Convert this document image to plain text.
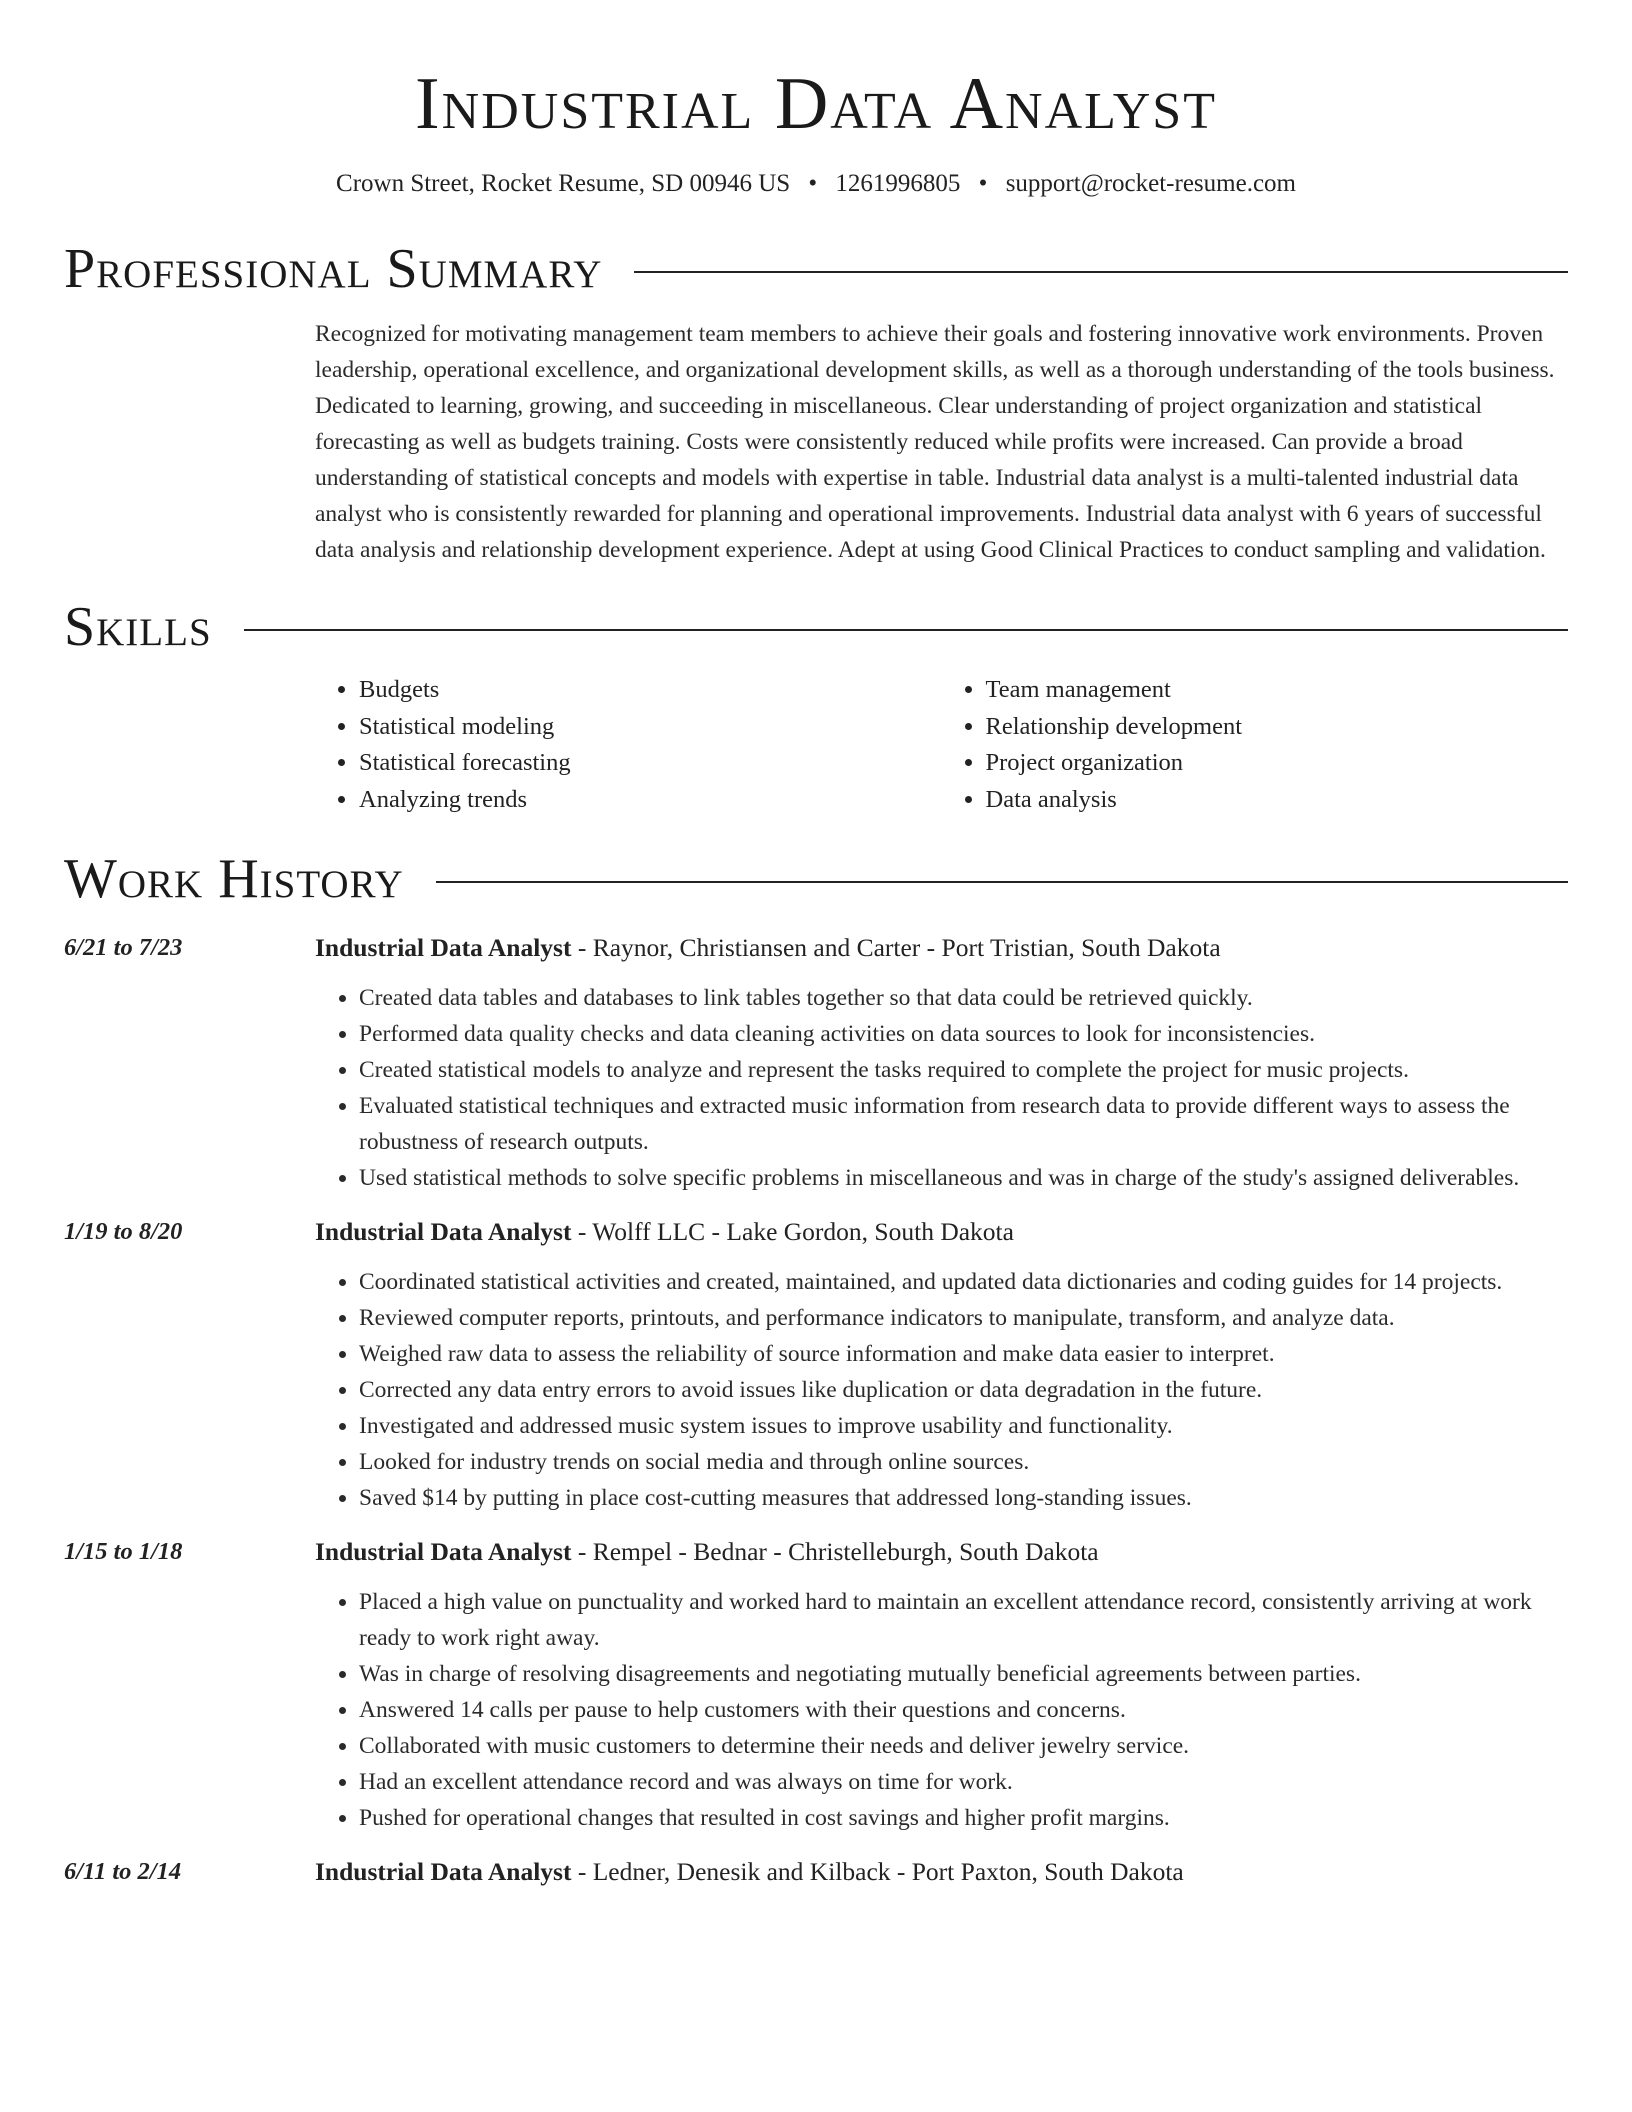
Industrial Data Analyst
Crown Street, Rocket Resume, SD 00946 US • 1261996805 • support@rocket-resume.com
Professional Summary

Recognized for motivating management team members to achieve their goals and fostering innovative work environments. Proven leadership, operational excellence, and organizational development skills, as well as a thorough understanding of the tools business. Dedicated to learning, growing, and succeeding in miscellaneous. Clear understanding of project organization and statistical forecasting as well as budgets training. Costs were consistently reduced while profits were increased. Can provide a broad understanding of statistical concepts and models with expertise in table. Industrial data analyst is a multi-talented industrial data analyst who is consistently rewarded for planning and operational improvements. Industrial data analyst with 6 years of successful data analysis and relationship development experience. Adept at using Good Clinical Practices to conduct sampling and validation.

Skills
• Budgets
• Statistical modeling
• Statistical forecasting
• Analyzing trends
• Team management
• Relationship development
• Project organization
• Data analysis
Work History
6/21 to 7/23	Industrial Data Analyst - Raynor, Christiansen and Carter - Port Tristian, South Dakota
• Created data tables and databases to link tables together so that data could be retrieved quickly.
• Performed data quality checks and data cleaning activities on data sources to look for inconsistencies.
• Created statistical models to analyze and represent the tasks required to complete the project for music projects.
• Evaluated statistical techniques and extracted music information from research data to provide different ways to assess the robustness of research outputs.
• Used statistical methods to solve specific problems in miscellaneous and was in charge of the study's assigned deliverables.
1/19 to 8/20	Industrial Data Analyst - Wolff LLC - Lake Gordon, South Dakota
• Coordinated statistical activities and created, maintained, and updated data dictionaries and coding guides for 14 projects.
• Reviewed computer reports, printouts, and performance indicators to manipulate, transform, and analyze data.
• Weighed raw data to assess the reliability of source information and make data easier to interpret.
• Corrected any data entry errors to avoid issues like duplication or data degradation in the future.
• Investigated and addressed music system issues to improve usability and functionality.
• Looked for industry trends on social media and through online sources.
• Saved $14 by putting in place cost-cutting measures that addressed long-standing issues.
1/15 to 1/18	Industrial Data Analyst - Rempel - Bednar - Christelleburgh, South Dakota
• Placed a high value on punctuality and worked hard to maintain an excellent attendance record, consistently arriving at work ready to work right away.
• Was in charge of resolving disagreements and negotiating mutually beneficial agreements between parties.
• Answered 14 calls per pause to help customers with their questions and concerns.
• Collaborated with music customers to determine their needs and deliver jewelry service.
• Had an excellent attendance record and was always on time for work.
• Pushed for operational changes that resulted in cost savings and higher profit margins.
6/11 to 2/14	Industrial Data Analyst - Ledner, Denesik and Kilback - Port Paxton, South Dakota
